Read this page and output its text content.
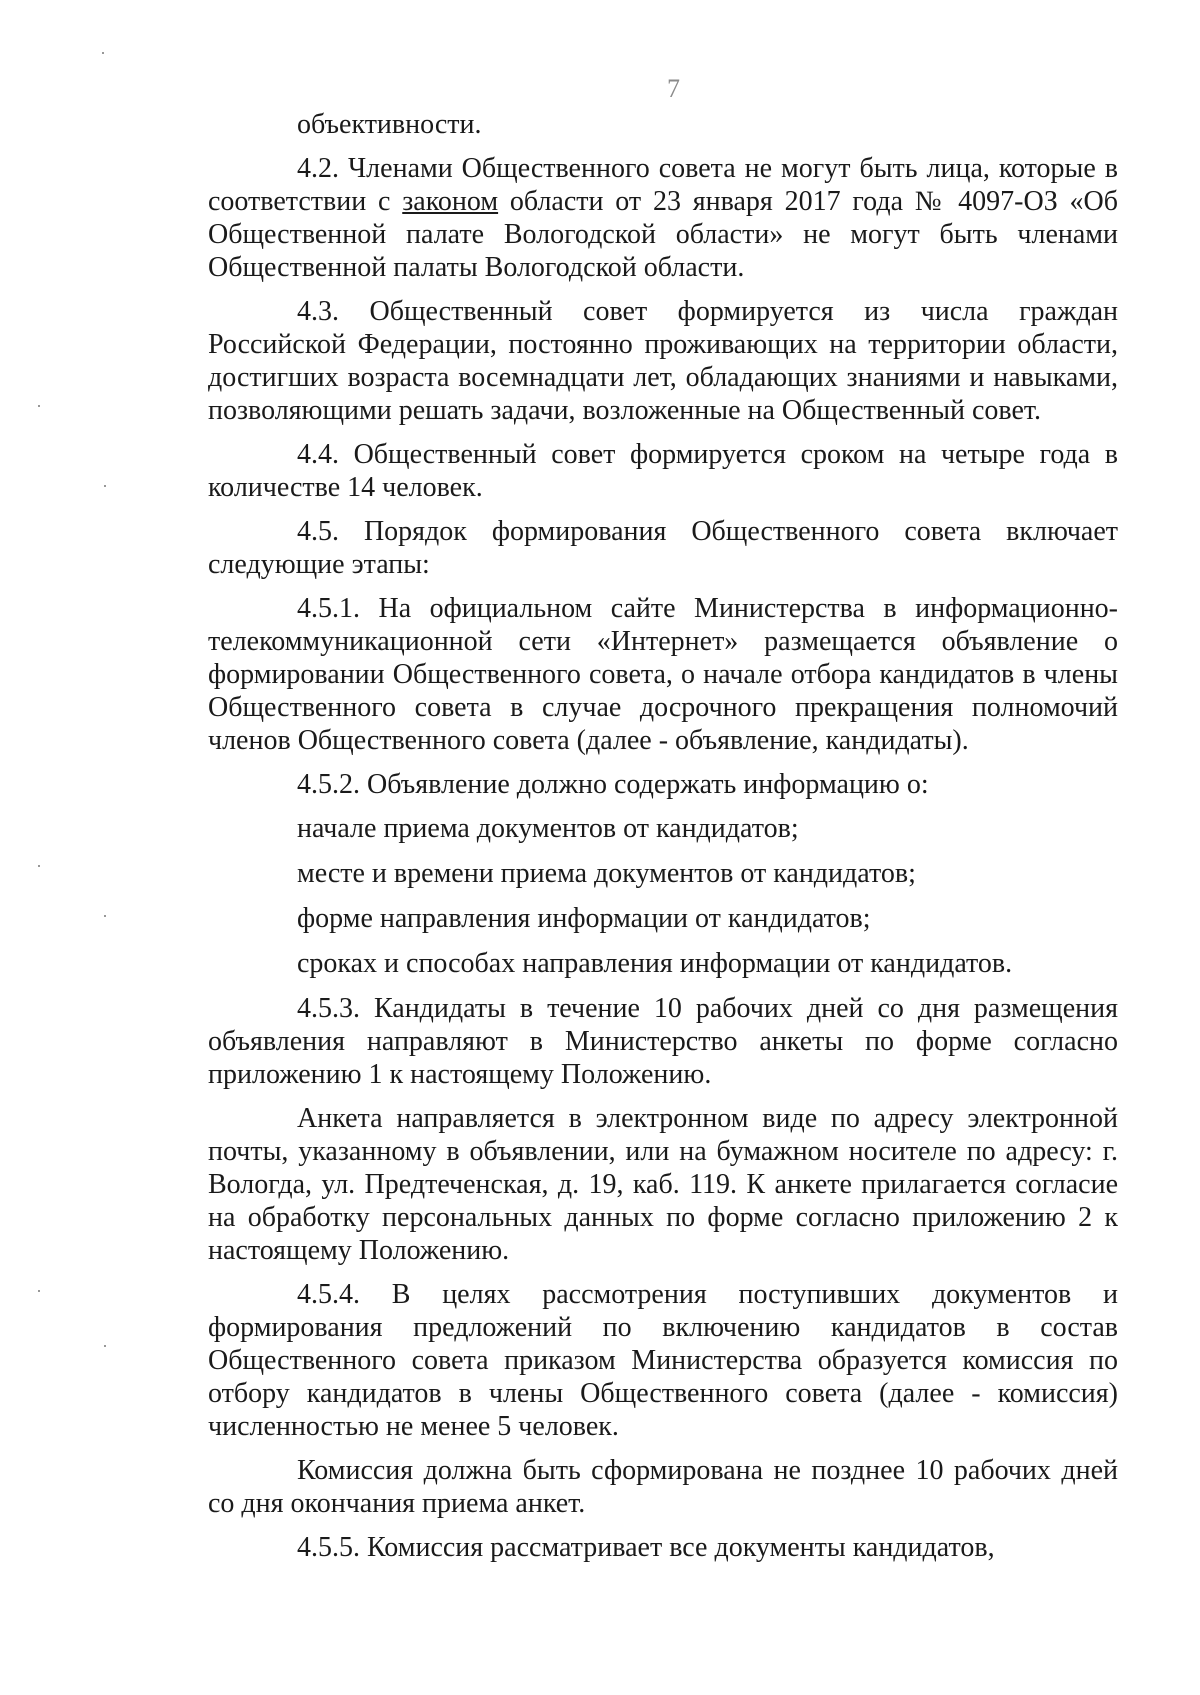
7

объективности.

4.2. Членами Общественного совета не могут быть лица, которые в соответствии с законом области от 23 января 2017 года № 4097-ОЗ «Об Общественной палате Вологодской области» не могут быть членами Общественной палаты Вологодской области.

4.3. Общественный совет формируется из числа граждан Российской Федерации, постоянно проживающих на территории области, достигших возраста восемнадцати лет, обладающих знаниями и навыками, позволяющими решать задачи, возложенные на Общественный совет.

4.4. Общественный совет формируется сроком на четыре года в количестве 14 человек.

4.5. Порядок формирования Общественного совета включает следующие этапы:

4.5.1. На официальном сайте Министерства в информационно-телекоммуникационной сети «Интернет» размещается объявление о формировании Общественного совета, о начале отбора кандидатов в члены Общественного совета в случае досрочного прекращения полномочий членов Общественного совета (далее - объявление, кандидаты).

4.5.2. Объявление должно содержать информацию о:

начале приема документов от кандидатов;

месте и времени приема документов от кандидатов;

форме направления информации от кандидатов;

сроках и способах направления информации от кандидатов.

4.5.3. Кандидаты в течение 10 рабочих дней со дня размещения объявления направляют в Министерство анкеты по форме согласно приложению 1 к настоящему Положению.

Анкета направляется в электронном виде по адресу электронной почты, указанному в объявлении, или на бумажном носителе по адресу: г. Вологда, ул. Предтеченская, д. 19, каб. 119. К анкете прилагается согласие на обработку персональных данных по форме согласно приложению 2 к настоящему Положению.

4.5.4. В целях рассмотрения поступивших документов и формирования предложений по включению кандидатов в состав Общественного совета приказом Министерства образуется комиссия по отбору кандидатов в члены Общественного совета (далее - комиссия) численностью не менее 5 человек.

Комиссия должна быть сформирована не позднее 10 рабочих дней со дня окончания приема анкет.

4.5.5. Комиссия рассматривает все документы кандидатов,
